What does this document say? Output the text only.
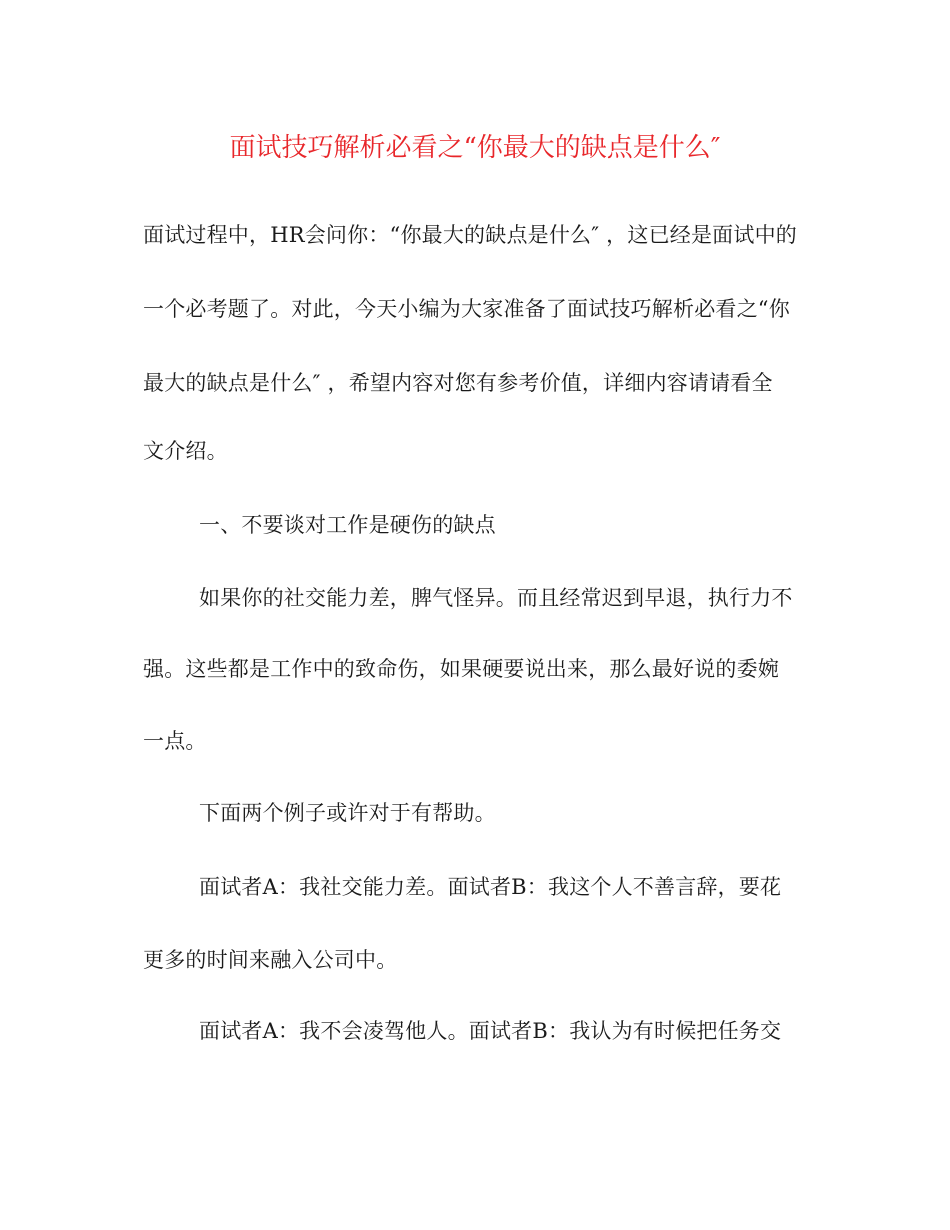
面试技巧解析必看之“你最大的缺点是什么″
面试过程中，HR会问你：“你最大的缺点是什么″ ，这已经是面试中的
一个必考题了。对此，今天小编为大家准备了面试技巧解析必看之“你
最大的缺点是什么″ ，希望内容对您有参考价值，详细内容请请看全
文介绍。
一、不要谈对工作是硬伤的缺点
如果你的社交能力差，脾气怪异。而且经常迟到早退，执行力不
强。这些都是工作中的致命伤，如果硬要说出来，那么最好说的委婉
一点。
下面两个例子或许对于有帮助。
面试者A：我社交能力差。面试者B：我这个人不善言辞，要花
更多的时间来融入公司中。
面试者A：我不会凌驾他人。面试者B：我认为有时候把任务交
